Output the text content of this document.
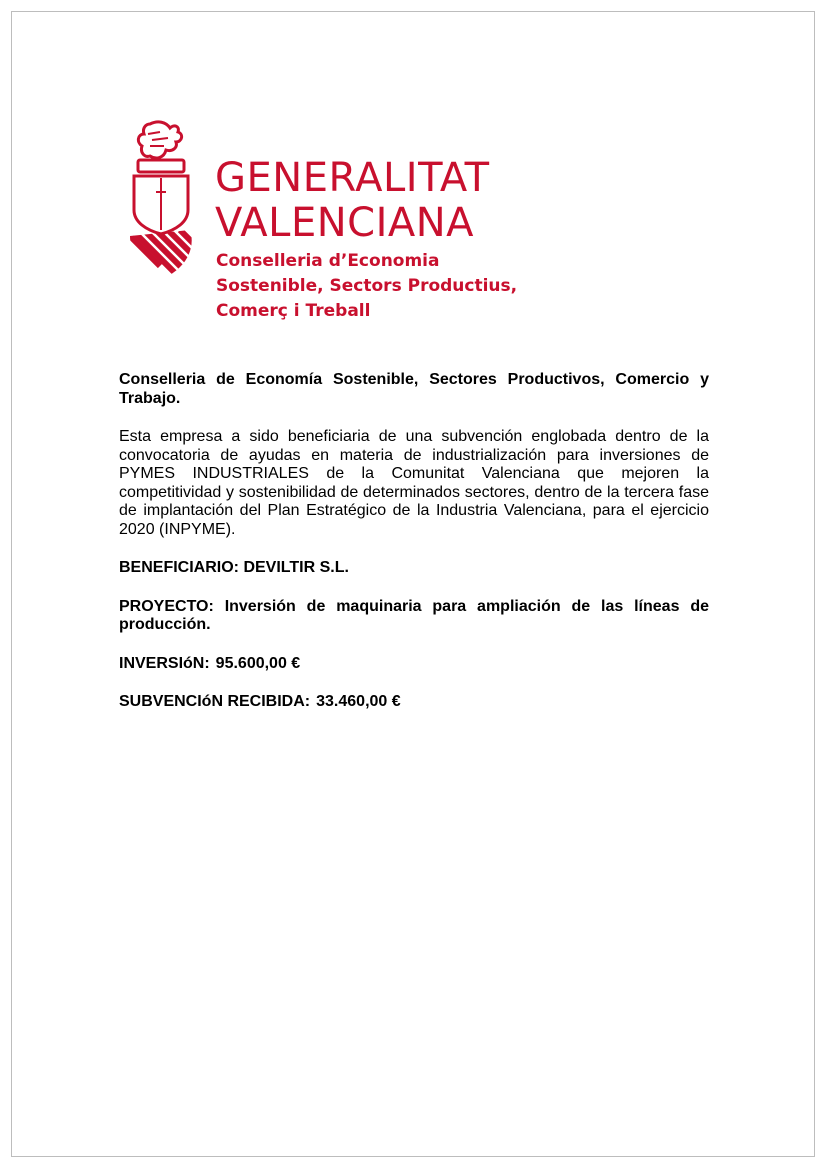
GENERALITAT
VALENCIANA
Conselleria d’Economia
Sostenible, Sectors Productius,
Comerç i Treball

Conselleria de Economía Sostenible, Sectores Productivos, Comercio y Trabajo.

Esta empresa a sido beneficiaria de una subvención englobada dentro de la convocatoria de ayudas en materia de industrialización para inversiones de PYMES INDUSTRIALES de la Comunitat Valenciana que mejoren la competitividad y sostenibilidad de determinados sectores, dentro de la tercera fase de implantación del Plan Estratégico de la Industria Valenciana, para el ejercicio 2020 (INPYME).

BENEFICIARIO: DEVILTIR S.L.

PROYECTO: Inversión de maquinaria para ampliación de las líneas de producción.

INVERSIóN: 95.600,00 €

SUBVENCIóN RECIBIDA: 33.460,00 €
